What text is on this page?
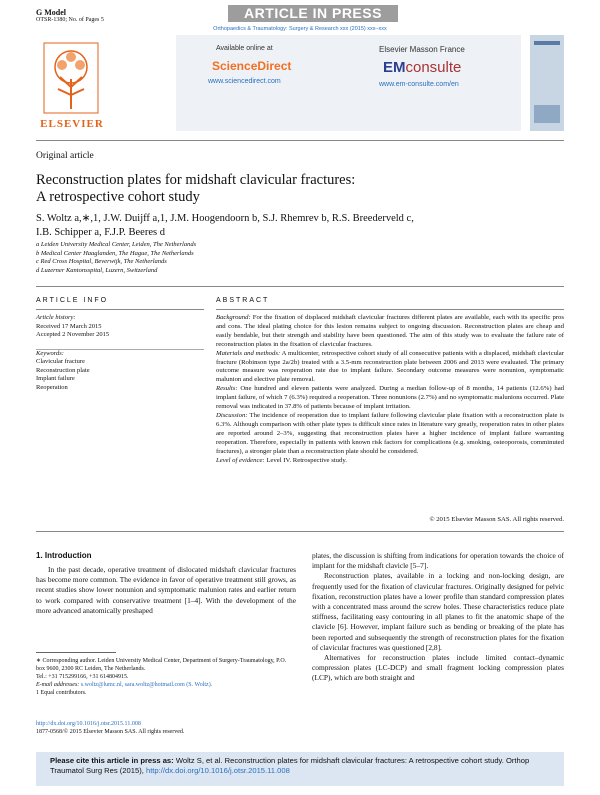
G Model
OTSR-1380; No. of Pages 5	ARTICLE IN PRESS
Orthopaedics & Traumatology: Surgery & Research xxx (2015) xxx–xxx
Available online at
ScienceDirect
www.sciencedirect.com
ELSEVIER
Elsevier Masson France
EMconsulte
www.em-consulte.com/en
Original article
Reconstruction plates for midshaft clavicular fractures:
A retrospective cohort study
S. Woltz a,∗,1, J.W. Duijff a,1, J.M. Hoogendoorn b, S.J. Rhemrev b, R.S. Breederveld c,
I.B. Schipper a, F.J.P. Beeres d
a Leiden University Medical Center, Leiden, The Netherlands
b Medical Center Haaglanden, The Hague, The Netherlands
c Red Cross Hospital, Beverwijk, The Netherlands
d Luzerner Kantonsspital, Luzern, Switzerland
ARTICLE INFO	ABSTRACT
Article history:
Received 17 March 2015
Accepted 2 November 2015
Keywords:
Clavicular fracture
Reconstruction plate
Implant failure
Reoperation

Background: For the fixation of displaced midshaft clavicular fractures different plates are available, each with its specific pros and cons. The ideal plating choice for this lesion remains subject to ongoing discussion. Reconstruction plates are cheap and easily bendable, but their strength and stability have been questioned. The aim of this study was to evaluate the failure rate of reconstruction plates in the fixation of clavicular fractures.

Materials and methods: A multicenter, retrospective cohort study of all consecutive patients with a displaced, midshaft clavicular fracture (Robinson type 2a/2b) treated with a 3.5-mm reconstruction plate between 2006 and 2013 were evaluated. The primary outcome measure was reoperation rate due to implant failure. Secondary outcome measures were nonunion, symptomatic malunion and elective plate removal.

Results: One hundred and eleven patients were analyzed. During a median follow-up of 8 months, 14 patients (12.6%) had implant failure, of which 7 (6.3%) required a reoperation. Three nonunions (2.7%) and no symptomatic malunions occurred. Plate removal was indicated in 37.8% of patients because of implant irritation.

Discussion: The incidence of reoperation due to implant failure following clavicular plate fixation with a reconstruction plate is 6.3%. Although comparison with other plate types is difficult since rates in literature vary greatly, reoperation rates in other plates are reported around 2–3%, suggesting that reconstruction plates have a higher incidence of implant failure warranting reoperation. Therefore, especially in patients with known risk factors for complications (e.g. smoking, osteoporosis, comminuted fractures), a stronger plate than a reconstruction plate should be considered.

Level of evidence: Level IV. Retrospective study.

© 2015 Elsevier Masson SAS. All rights reserved.
1. Introduction

In the past decade, operative treatment of dislocated midshaft clavicular fractures has become more common. The evidence in favor of operative treatment still grows, as recent studies show lower nonunion and symptomatic malunion rates and earlier return to work compared with conservative treatment [1–4]. With the development of the more advanced anatomically preshaped

plates, the discussion is shifting from indications for operation towards the choice of implant for the midshaft clavicle [5–7].

Reconstruction plates, available in a locking and non-locking design, are frequently used for the fixation of clavicular fractures. Originally designed for pelvic fixation, reconstruction plates have a lower profile than standard compression plates with a concentrated mass around the screw holes. These characteristics reduce plate stiffness, facilitating easy contouring in all planes to fit the anatomic shape of the clavicle [6]. However, implant failure such as bending or breaking of the plate has been reported and subsequently the strength of reconstruction plates for the fixation of clavicular fractures was questioned [2,8].

Alternatives for reconstruction plates include limited contact–dynamic compression plates (LC-DCP) and small fragment locking compression plates (LCP), which are both straight and

∗ Corresponding author. Leiden University Medical Center, Department of Surgery-Traumatology, P.O. box 9600, 2300 RC Leiden, The Netherlands.
Tel.: +31 715299166, +31 614804915.
E-mail addresses: s.woltz@lumc.nl, sara.woltz@hotmail.com (S. Woltz).
1 Equal contributors.
http://dx.doi.org/10.1016/j.otsr.2015.11.008
1877-0568/© 2015 Elsevier Masson SAS. All rights reserved.
Please cite this article in press as: Woltz S, et al. Reconstruction plates for midshaft clavicular fractures: A retrospective cohort study. Orthop Traumatol Surg Res (2015), http://dx.doi.org/10.1016/j.otsr.2015.11.008
